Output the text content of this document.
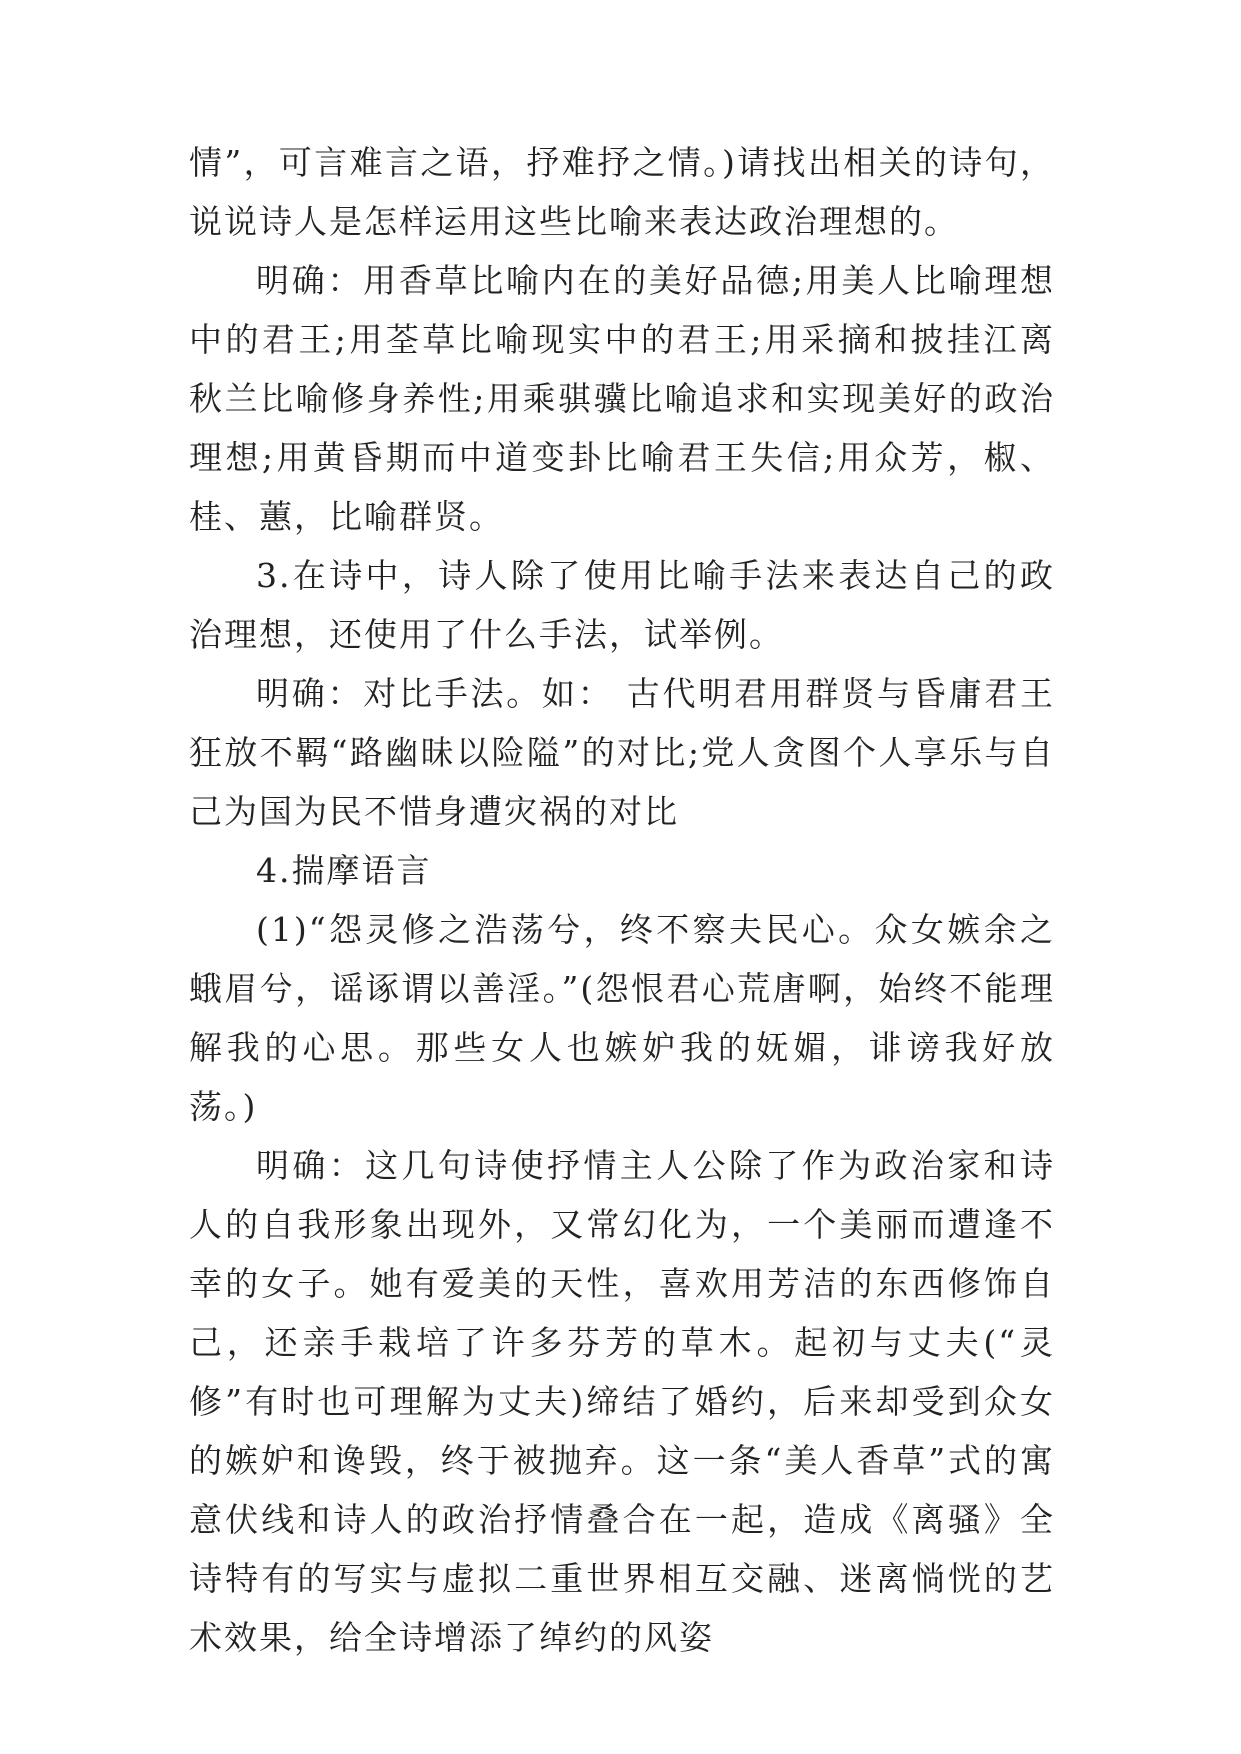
情”，可言难言之语，抒难抒之情。)请找出相关的诗句，说说诗人是怎样运用这些比喻来表达政治理想的。

明确：用香草比喻内在的美好品德;用美人比喻理想中的君王;用荃草比喻现实中的君王;用采摘和披挂江离秋兰比喻修身养性;用乘骐骥比喻追求和实现美好的政治理想;用黄昏期而中道变卦比喻君王失信;用众芳，椒、桂、蕙，比喻群贤。

3.在诗中，诗人除了使用比喻手法来表达自己的政治理想，还使用了什么手法，试举例。

明确：对比手法。如： 古代明君用群贤与昏庸君王狂放不羁“路幽昧以险隘”的对比;党人贪图个人享乐与自己为国为民不惜身遭灾祸的对比

4.揣摩语言

(1)“怨灵修之浩荡兮，终不察夫民心。众女嫉余之蛾眉兮，谣诼谓以善淫。”(怨恨君心荒唐啊，始终不能理解我的心思。那些女人也嫉妒我的妩媚，诽谤我好放荡。)

明确：这几句诗使抒情主人公除了作为政治家和诗人的自我形象出现外，又常幻化为，一个美丽而遭逢不幸的女子。她有爱美的天性，喜欢用芳洁的东西修饰自己，还亲手栽培了许多芬芳的草木。起初与丈夫(“灵修”有时也可理解为丈夫)缔结了婚约，后来却受到众女的嫉妒和谗毁，终于被抛弃。这一条“美人香草”式的寓意伏线和诗人的政治抒情叠合在一起，造成《离骚》全诗特有的写实与虚拟二重世界相互交融、迷离惝恍的艺术效果，给全诗增添了绰约的风姿
